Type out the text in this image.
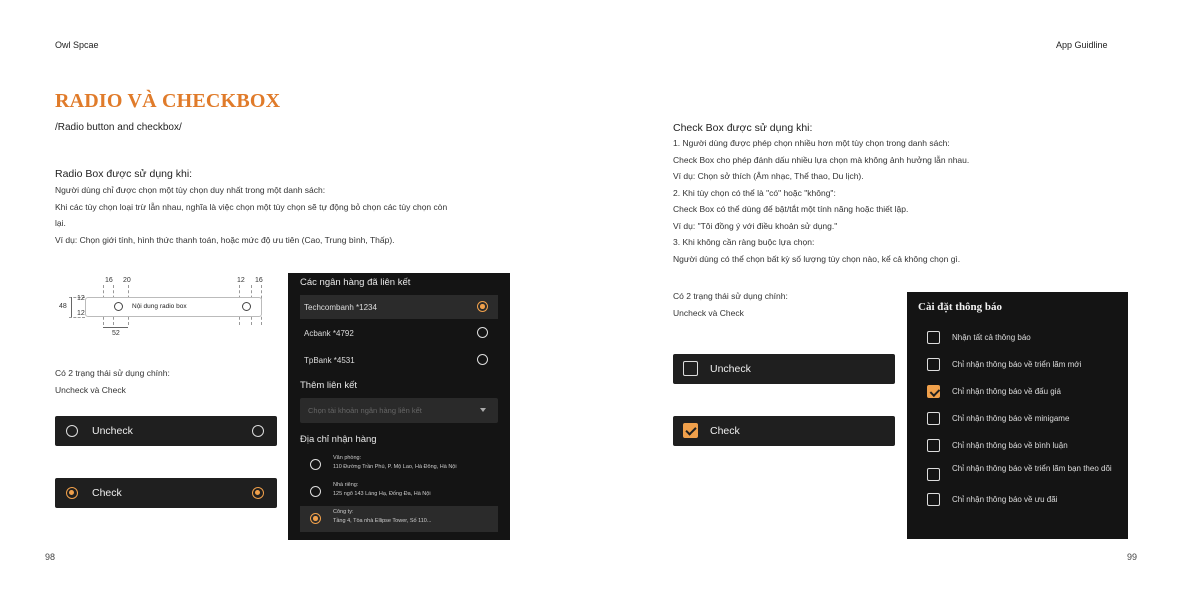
Owl Spcae	App Guidline
RADIO VÀ CHECKBOX
/Radio button and checkbox/
Radio Box được sử dụng khi:
Người dùng chỉ được chọn một tùy chọn duy nhất trong một danh sách:
Khi các tùy chọn loại trừ lẫn nhau, nghĩa là việc chọn một tùy chọn sẽ tự động bỏ chọn các tùy chọn còn
lại.
Ví dụ: Chọn giới tính, hình thức thanh toán, hoặc mức độ ưu tiên (Cao, Trung bình, Thấp).
16 20	12 16
48
12
12
Nội dung radio box
52
Có 2 trạng thái sử dụng chính:
Uncheck và Check
Uncheck
Check
98
Các ngân hàng đã liên kết
Techcombanh *1234
Acbank *4792
TpBank *4531
Thêm liên kết
Chọn tài khoản ngân hàng liên kết
Địa chỉ nhận hàng
Văn phòng:
110 Đường Trần Phú, P. Mộ Lao, Hà Đông, Hà Nội
Nhà riêng:
125 ngõ 143 Láng Hạ, Đống Đa, Hà Nội
Công ty:
Tầng 4, Tòa nhà Ellipse Tower, Số 110...
Check Box được sử dụng khi:
1. Người dùng được phép chọn nhiều hơn một tùy chọn trong danh sách:
Check Box cho phép đánh dấu nhiều lựa chọn mà không ảnh hưởng lẫn nhau.
Ví dụ: Chọn sở thích (Âm nhạc, Thể thao, Du lịch).
2. Khi tùy chọn có thể là "có" hoặc "không":
Check Box có thể dùng để bật/tắt một tính năng hoặc thiết lập.
Ví dụ: "Tôi đồng ý với điều khoản sử dụng."
3. Khi không cần ràng buộc lựa chọn:
Người dùng có thể chọn bất kỳ số lượng tùy chọn nào, kể cả không chọn gì.
Có 2 trạng thái sử dụng chính:
Uncheck và Check
Uncheck
Check
Cài đặt thông báo
Nhận tất cả thông báo
Chỉ nhận thông báo về triển lãm mới
Chỉ nhận thông báo về đấu giá
Chỉ nhận thông báo về minigame
Chỉ nhận thông báo về bình luận
Chỉ nhận thông báo về triển lãm bạn theo dõi
Chỉ nhận thông báo về ưu đãi
99
